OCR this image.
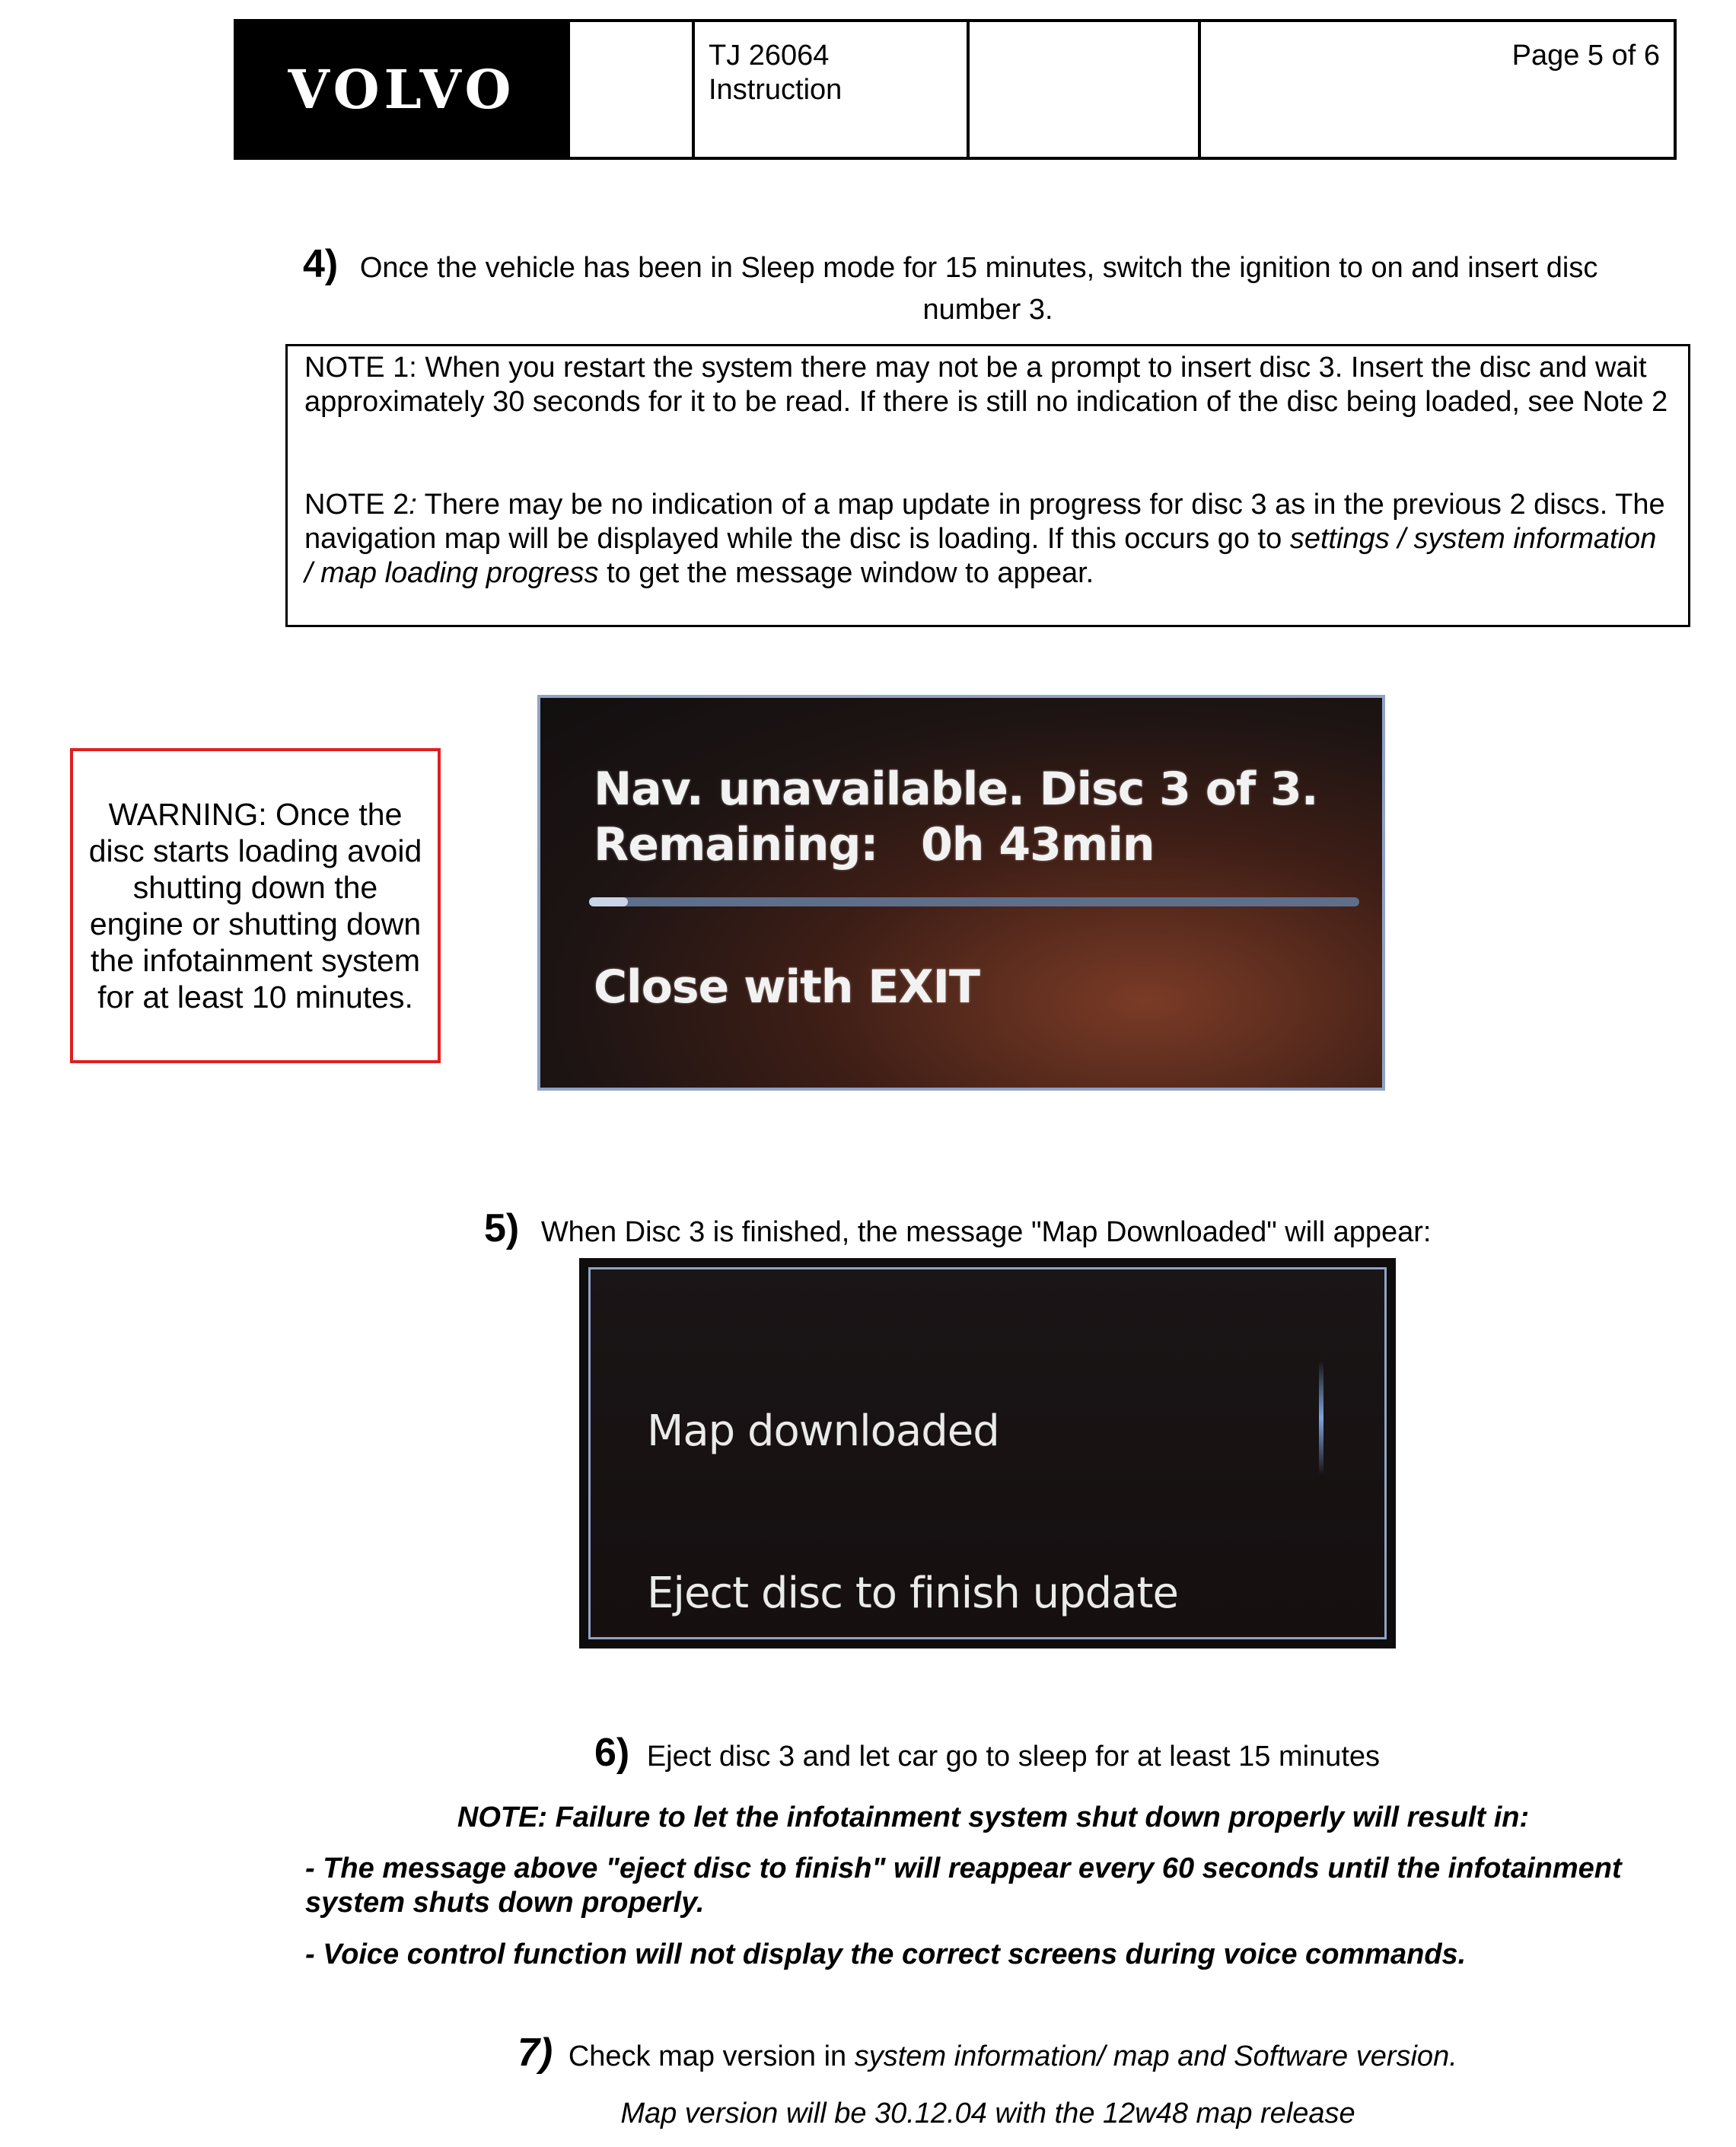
VOLVO
TJ 26064
Instruction
Page 5 of 6
4) Once the vehicle has been in Sleep mode for 15 minutes, switch the ignition to on and insert disc
number 3.

NOTE 1: When you restart the system there may not be a prompt to insert disc 3. Insert the disc and wait approximately 30 seconds for it to be read. If there is still no indication of the disc being loaded, see Note 2

NOTE 2: There may be no indication of a map update in progress for disc 3 as in the previous 2 discs. The navigation map will be displayed while the disc is loading. If this occurs go to settings / system information / map loading progress to get the message window to appear.

WARNING: Once the disc starts loading avoid shutting down the engine or shutting down the infotainment system for at least 10 minutes.
Nav. unavailable. Disc 3 of 3.
Remaining: 0h 43min
Close with EXIT
5) When Disc 3 is finished, the message "Map Downloaded" will appear:
Map downloaded
Eject disc to finish update
6) Eject disc 3 and let car go to sleep for at least 15 minutes
NOTE: Failure to let the infotainment system shut down properly will result in:
- The message above "eject disc to finish" will reappear every 60 seconds until the infotainment system shuts down properly.
- Voice control function will not display the correct screens during voice commands.
7) Check map version in system information/ map and Software version.
Map version will be 30.12.04 with the 12w48 map release
